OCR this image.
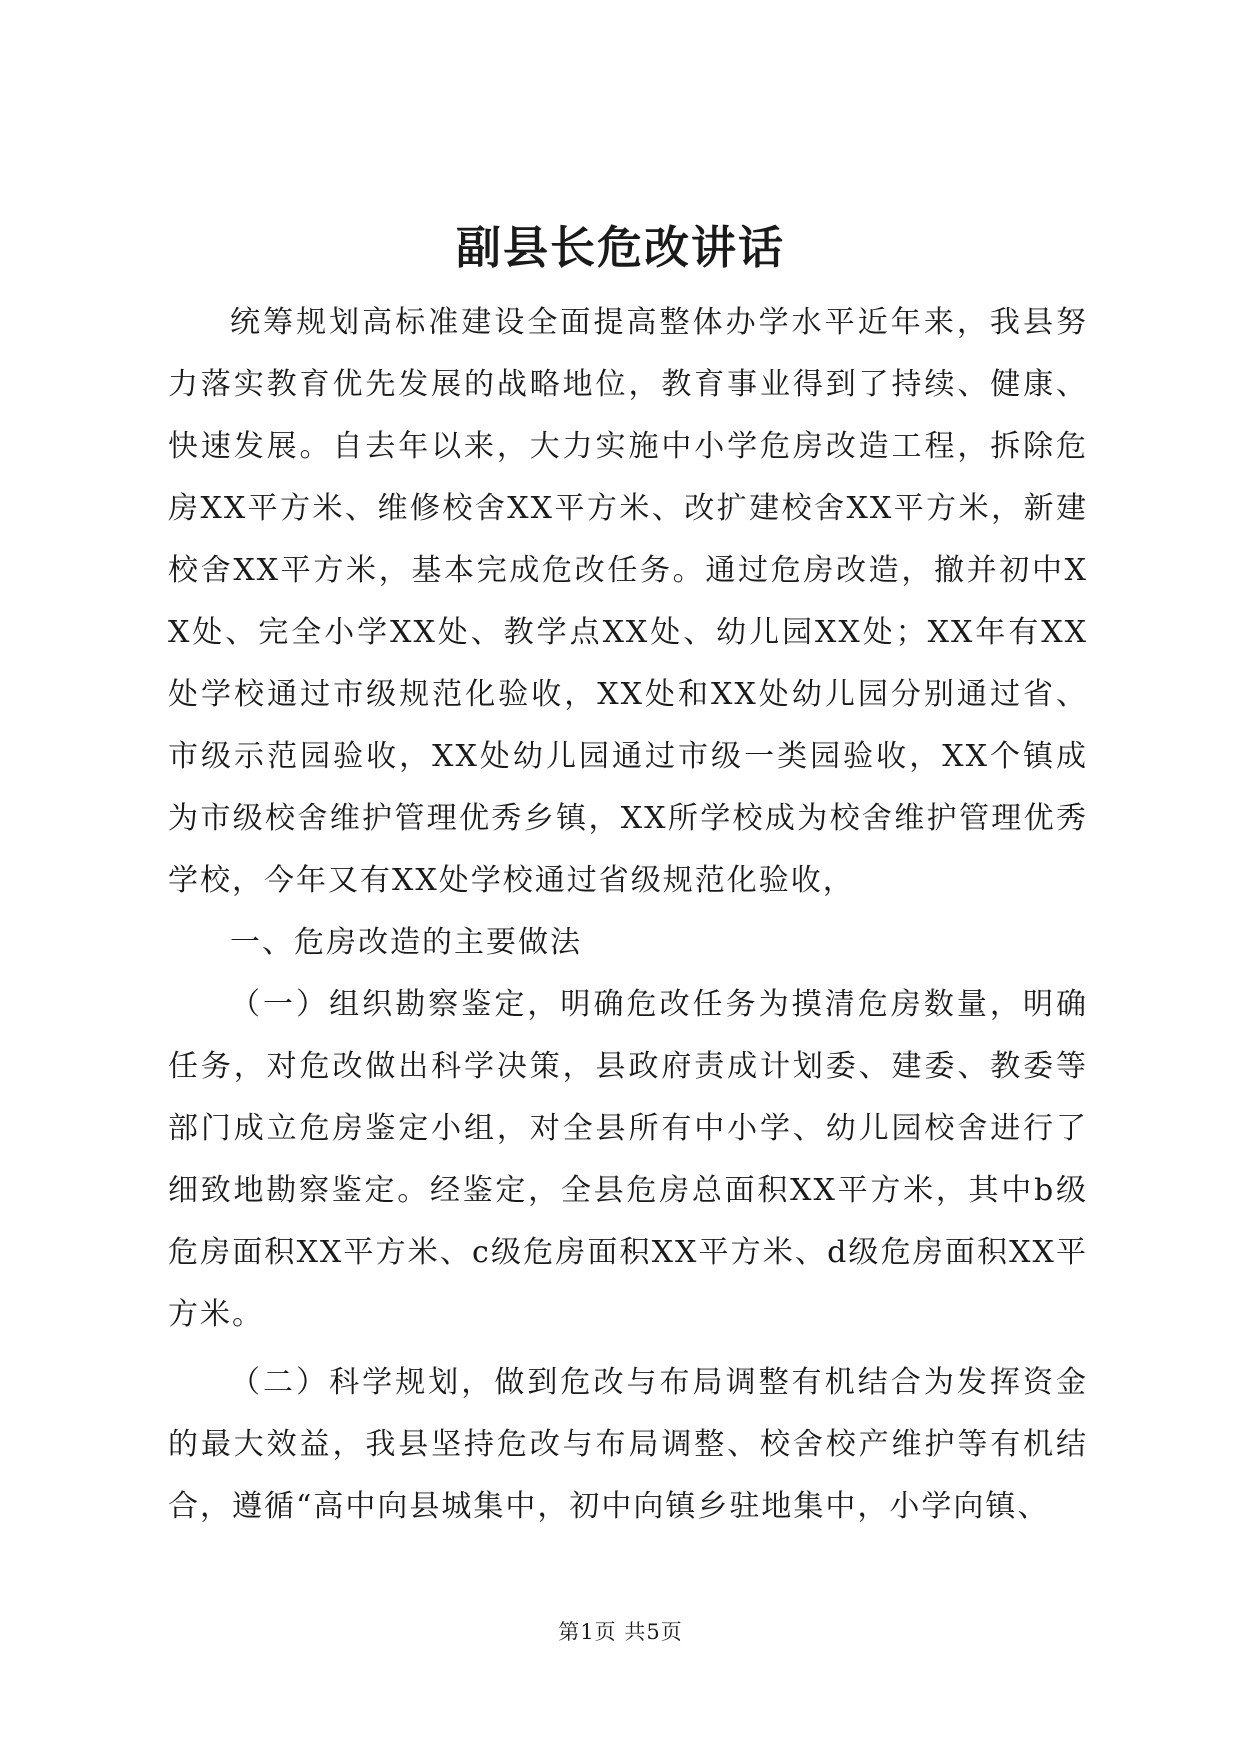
副县长危改讲话

统筹规划高标准建设全面提高整体办学水平近年来，我县努力落实教育优先发展的战略地位，教育事业得到了持续、健康、快速发展。自去年以来，大力实施中小学危房改造工程，拆除危房XX平方米、维修校舍XX平方米、改扩建校舍XX平方米，新建校舍XX平方米，基本完成危改任务。通过危房改造，撤并初中XX处、完全小学XX处、教学点XX处、幼儿园XX处；XX年有XX处学校通过市级规范化验收，XX处和XX处幼儿园分别通过省、市级示范园验收，XX处幼儿园通过市级一类园验收，XX个镇成为市级校舍维护管理优秀乡镇，XX所学校成为校舍维护管理优秀学校，今年又有XX处学校通过省级规范化验收，

一、危房改造的主要做法

（一）组织勘察鉴定，明确危改任务为摸清危房数量，明确任务，对危改做出科学决策，县政府责成计划委、建委、教委等部门成立危房鉴定小组，对全县所有中小学、幼儿园校舍进行了细致地勘察鉴定。经鉴定，全县危房总面积XX平方米，其中b级危房面积XX平方米、c级危房面积XX平方米、d级危房面积XX平方米。

（二）科学规划，做到危改与布局调整有机结合为发挥资金的最大效益，我县坚持危改与布局调整、校舍校产维护等有机结合，遵循“高中向县城集中，初中向镇乡驻地集中，小学向镇、

第1页 共5页
